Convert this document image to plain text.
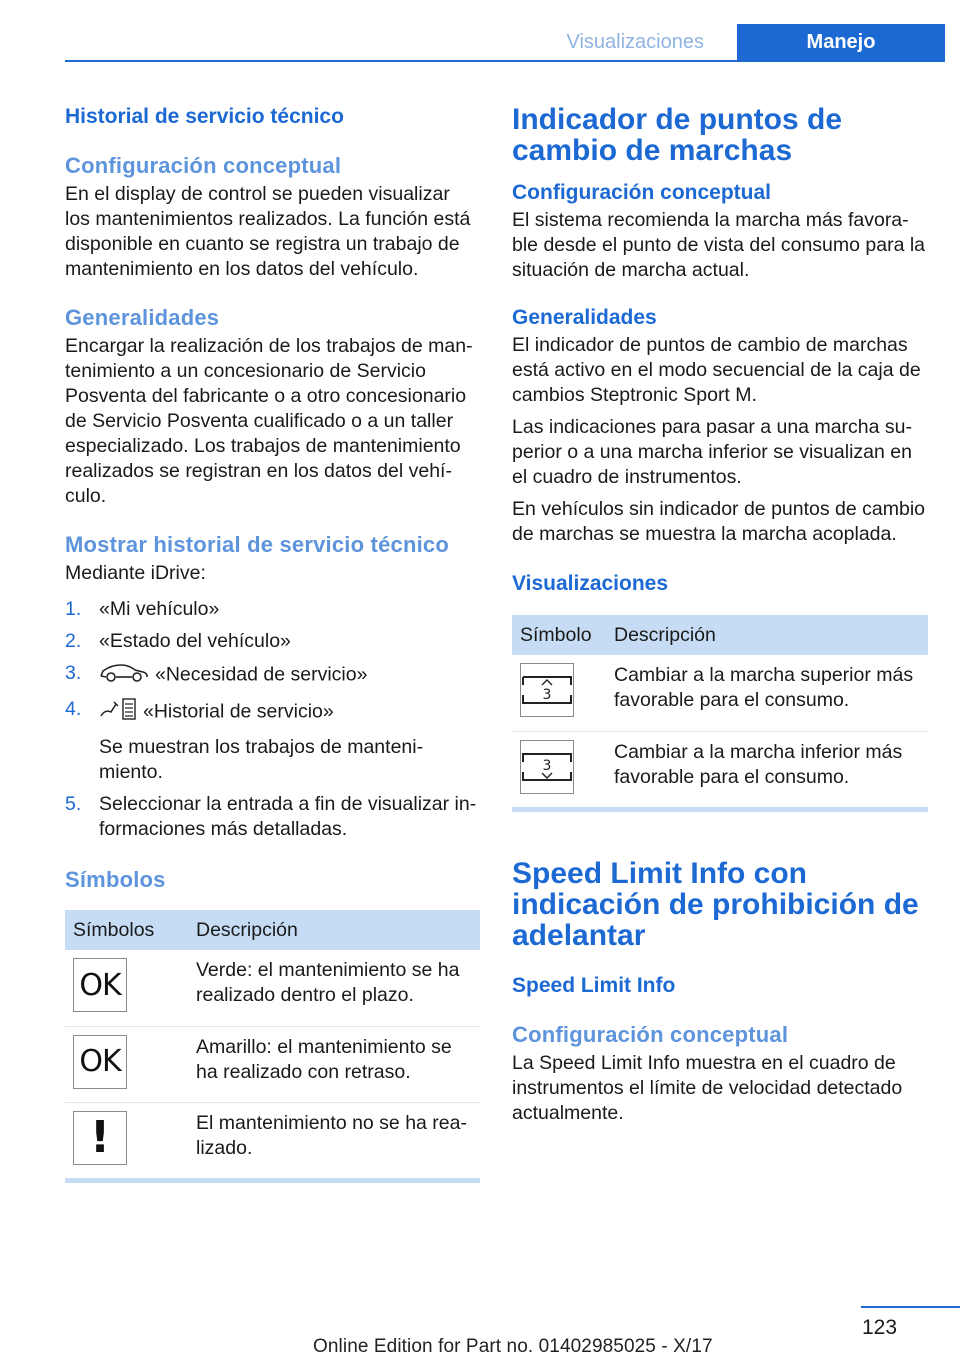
Visualizaciones	Manejo
Historial de servicio técnico
Configuración conceptual

En el display de control se pueden visualizar los mantenimientos realizados. La función está disponible en cuanto se registra un trabajo de mantenimiento en los datos del vehículo.

Generalidades

Encargar la realización de los trabajos de mantenimiento a un concesionario de Servicio Posventa del fabricante o a otro concesionario de Servicio Posventa cualificado o a un taller especializado. Los trabajos de mantenimiento realizados se registran en los datos del vehículo.

Mostrar historial de servicio técnico

Mediante iDrive:

1. «Mi vehículo»
2. «Estado del vehículo»
3.	«Necesidad de servicio»
4.	«Historial de servicio»
Se muestran los trabajos de mantenimiento.
5. Seleccionar la entrada a fin de visualizar informaciones más detalladas.
Símbolos
Símbolos	Descripción

OK	Verde: el mantenimiento se ha realizado dentro el plazo.

OK	Amarillo: el mantenimiento se ha realizado con retraso.

!	El mantenimiento no se ha realizado.
Indicador de puntos de cambio de marchas
Configuración conceptual

El sistema recomienda la marcha más favorable desde el punto de vista del consumo para la situación de marcha actual.

Generalidades

El indicador de puntos de cambio de marchas está activo en el modo secuencial de la caja de cambios Steptronic Sport M.

Las indicaciones para pasar a una marcha superior o a una marcha inferior se visualizan en el cuadro de instrumentos.

En vehículos sin indicador de puntos de cambio de marchas se muestra la marcha acoplada.

Visualizaciones
Símbolo	Descripción

3	Cambiar a la marcha superior más favorable para el consumo.

3	Cambiar a la marcha inferior más favorable para el consumo.
Speed Limit Info con indicación de prohibición de adelantar
Speed Limit Info
Configuración conceptual

La Speed Limit Info muestra en el cuadro de instrumentos el límite de velocidad detectado actualmente.

123
Online Edition for Part no. 01402985025 - X/17
